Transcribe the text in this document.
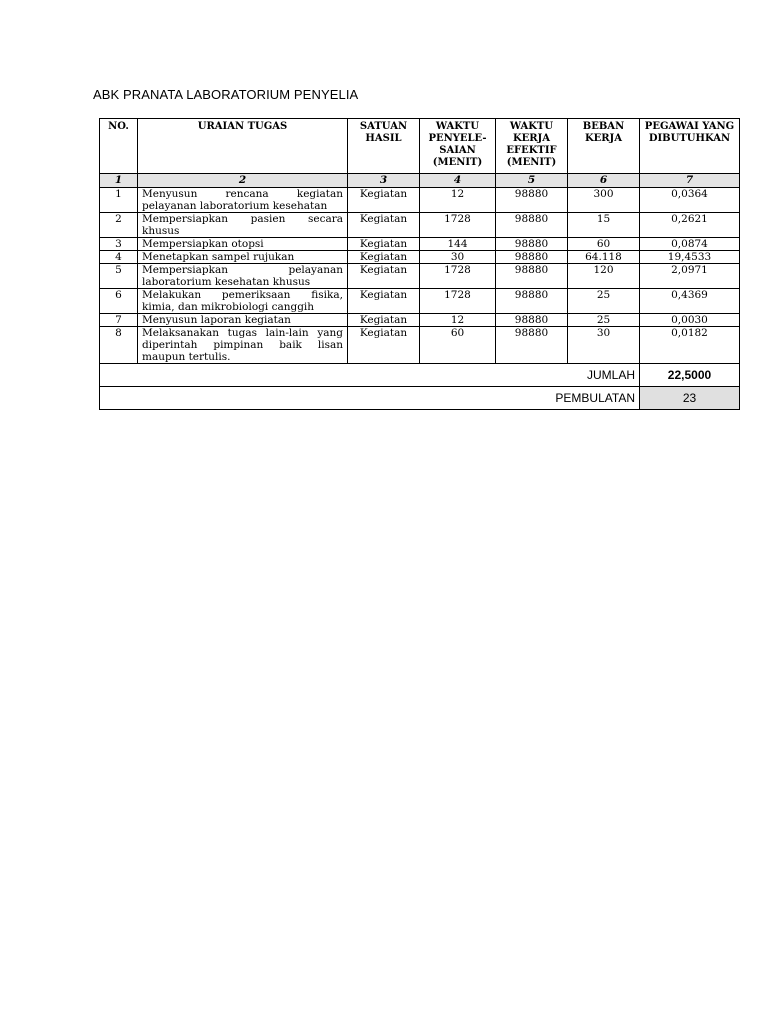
ABK PRANATA LABORATORIUM PENYELIA
NO.	URAIAN TUGAS	SATUAN HASIL	WAKTU PENYELE-SAIAN (MENIT)	WAKTU KERJA EFEKTIF (MENIT)	BEBAN KERJA	PEGAWAI YANG DIBUTUHKAN
1	2	3	4	5	6	7
1	Menyusun rencana kegiatan pelayanan laboratorium kesehatan	Kegiatan	12	98880	300	0,0364
2	Mempersiapkan pasien secara khusus	Kegiatan	1728	98880	15	0,2621
3	Mempersiapkan otopsi	Kegiatan	144	98880	60	0,0874
4	Menetapkan sampel rujukan	Kegiatan	30	98880	64.118	19,4533
5	Mempersiapkan pelayanan laboratorium kesehatan khusus	Kegiatan	1728	98880	120	2,0971
6	Melakukan pemeriksaan fisika, kimia, dan mikrobiologi canggih	Kegiatan	1728	98880	25	0,4369
7	Menyusun laporan kegiatan	Kegiatan	12	98880	25	0,0030
8	Melaksanakan tugas lain-lain yang diperintah pimpinan baik lisan maupun tertulis.	Kegiatan	60	98880	30	0,0182
JUMLAH						22,5000
PEMBULATAN						23
